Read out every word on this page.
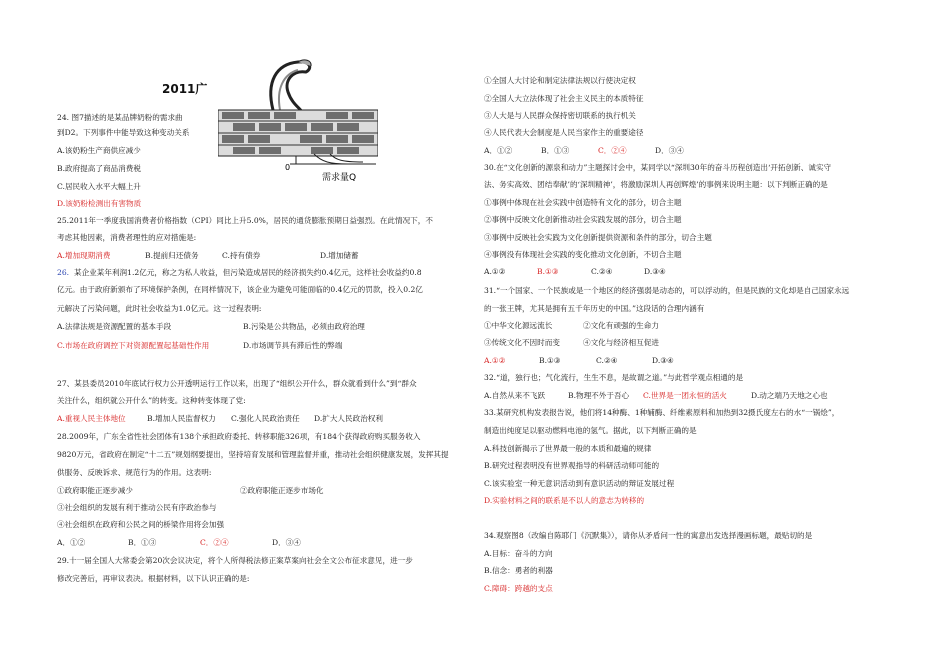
2011广
0
需求量Q
24. 图7描述的是某品牌奶粉的需求曲
到D2。下列事件中能导致这种变动关系
A.该奶粉生产商供应减少
B.政府提高了商品消费税
C.居民收入水平大幅上升
D.该奶粉检测出有害物质
25.2011年一季度我国消费者价格指数（CPI）同比上升5.0%，居民的通货膨胀预期日益强烈。在此情况下，不
考虑其他因素，消费者理性的应对措施是:
A.增加现期消费	B.提前归还债务	C.持有债券	D.增加储蓄
26. 某企业某年利润1.2亿元，称之为私人收益，但污染造成居民的经济损失约0.4亿元，这样社会收益约0.8
亿元。由于政府新颁布了环境保护条例，在同样情况下，该企业为避免可能面临的0.4亿元的罚款，投入0.2亿
元解决了污染问题，此时社会收益为1.0亿元。这一过程表明:
A.法律法规是资源配置的基本手段	B.污染是公共物品，必须由政府治理
C.市场在政府调控下对资源配置起基础性作用	D.市场调节具有滞后性的弊端
27、某县委员2010年底试行权力公开透明运行工作以来，出现了“组织公开什么，群众就看到什么”到“群众
关注什么，组织就公开什么”的转变。这种转变体现了党:
A.重视人民主体地位	B.增加人民监督权力 C.强化人民政治责任 D.扩大人民政治权利
28.2009年，广东全省性社会团体有138个承担政府委托、转移职能326项，有184个获得政府购买服务收入
9820万元，省政府在制定“十二五”规划纲要提出，坚持培育发展和管理监督并重，推动社会组织健康发展，发挥其提
供服务、反映诉求、规范行为的作用。这表明:
①政府职能正逐步减少	②政府职能正逐步市场化
③社会组织的发展有利于推动公民有序政治参与
④社会组织在政府和公民之间的桥梁作用将会加强
A．①②	B．①③	C．②④	D．③④
29.十一届全国人大常委会第20次会议决定，将个人所得税法修正案草案向社会全文公布征求意见，进一步
修改完善后，再审议表决。根据材料，以下认识正确的是:
①全国人大讨论和制定法律法规以行使决定权
②全国人大立法体现了社会主义民主的本质特征
③人大是与人民群众保持密切联系的执行机关
④人民代表大会制度是人民当家作主的重要途径
A．①②	B．①③	C．②④	D．③④
30.在“文化创新的源泉和动力”主题探讨会中，某同学以“深圳30年的奋斗历程创造出‘开拓创新、诚实守
法、务实高效、团结奉献’的‘深圳精神’，将激励深圳人再创辉煌’的事例来说明主题：以下判断正确的是
①事例中体现在社会实践中创造特有文化的部分，切合主题
②事例中反映文化创新推动社会实践发展的部分，切合主题
③事例中反映社会实践为文化创新提供资源和条件的部分，切合主题
④事例没有体现社会实践的变化推动文化创新，不切合主题
A.①②	B.①③	C.②④	D.③④
31.“一个国家、一个民族或是一个地区的经济强弱是动态的，可以浮动的，但是民族的文化却是自己国家永远
的一张王牌，尤其是拥有五千年历史的中国。”这段话的合理内涵有
①中华文化源远流长	②文化有顽强的生命力
③传统文化不因时而变	④文化与经济相互促进
A.①②	B.①③	C.②④	D.③④
32.“道，独行也；气化流行，生生不息，是故谓之道。”与此哲学观点相通的是
A.自然从来不飞跃	B.物理不外于吾心 C.世界是一团永恒的活火	D.动之端乃天地之心也
33.某研究机构发表报告说，他们将14种酶、1种辅酶、纤维素原料和加热到32摄氏度左右的水“一锅烩”，
制造出纯度足以驱动燃料电池的氢气。据此，以下判断正确的是
A.科技创新揭示了世界最一般的本质和最遍的规律
B.研究过程表明没有世界观指导的科研活动师可能的
C.该实验室一种无意识活动到有意识活动的辩证发展过程
D.实验材料之间的联系是不以人的意志为转移的
34.观察图8（改编自陈耶门《沉默集》），请你从矛盾问一性的寓意出发选择漫画标题，最贴切的是
A.目标：奋斗的方向
B.信念：勇者的利器
C.障碍：跨越的支点
